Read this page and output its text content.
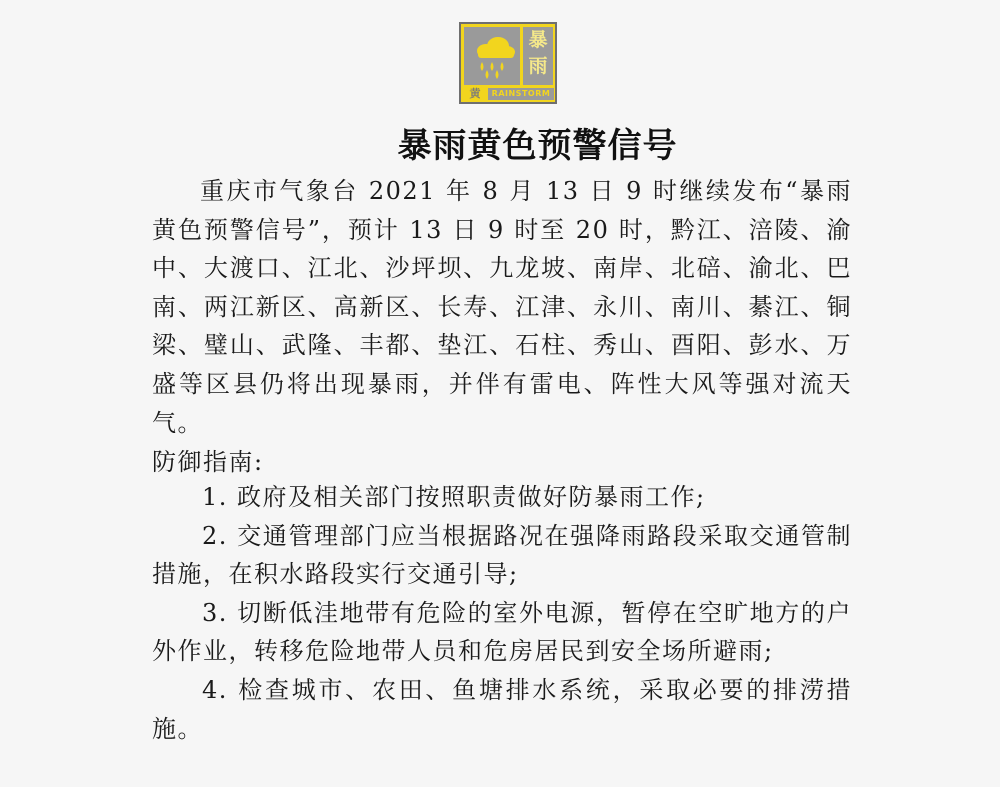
暴
雨
黄	RAINSTORM
暴雨黄色预警信号

重庆市气象台 2021 年 8 月 13 日 9 时继续发布“暴雨黄色预警信号”，预计 13 日 9 时至 20 时，黔江、涪陵、渝中、大渡口、江北、沙坪坝、九龙坡、南岸、北碚、渝北、巴南、两江新区、高新区、长寿、江津、永川、南川、綦江、铜梁、璧山、武隆、丰都、垫江、石柱、秀山、酉阳、彭水、万盛等区县仍将出现暴雨，并伴有雷电、阵性大风等强对流天气。

防御指南:

1. 政府及相关部门按照职责做好防暴雨工作;
2. 交通管理部门应当根据路况在强降雨路段采取交通管制措施，在积水路段实行交通引导;
3. 切断低洼地带有危险的室外电源，暂停在空旷地方的户外作业，转移危险地带人员和危房居民到安全场所避雨;
4. 检查城市、农田、鱼塘排水系统，采取必要的排涝措施。
